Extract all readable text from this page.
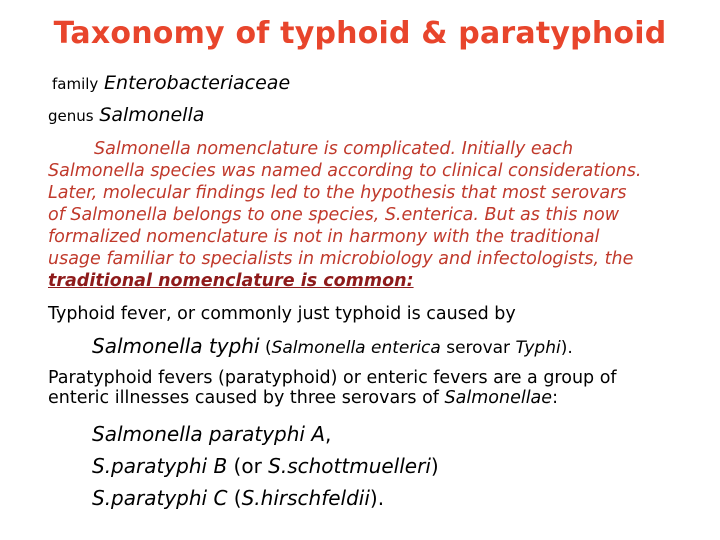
Taxonomy of typhoid & paratyphoid
family Enterobacteriaceae
genus Salmonella
Salmonella nomenclature is complicated. Initially each
Salmonella species was named according to clinical considerations.
Later, molecular findings led to the hypothesis that most serovars
of Salmonella belongs to one species, S.enterica. But as this now
formalized nomenclature is not in harmony with the traditional
usage familiar to specialists in microbiology and infectologists, the
traditional nomenclature is common:
Typhoid fever, or commonly just typhoid is caused by
Salmonella typhi (Salmonella enterica serovar Typhi).
Paratyphoid fevers (paratyphoid) or enteric fevers are a group of
enteric illnesses caused by three serovars of Salmonellae:
Salmonella paratyphi A,
S.paratyphi B (or S.schottmuelleri)
S.paratyphi C (S.hirschfeldii).
